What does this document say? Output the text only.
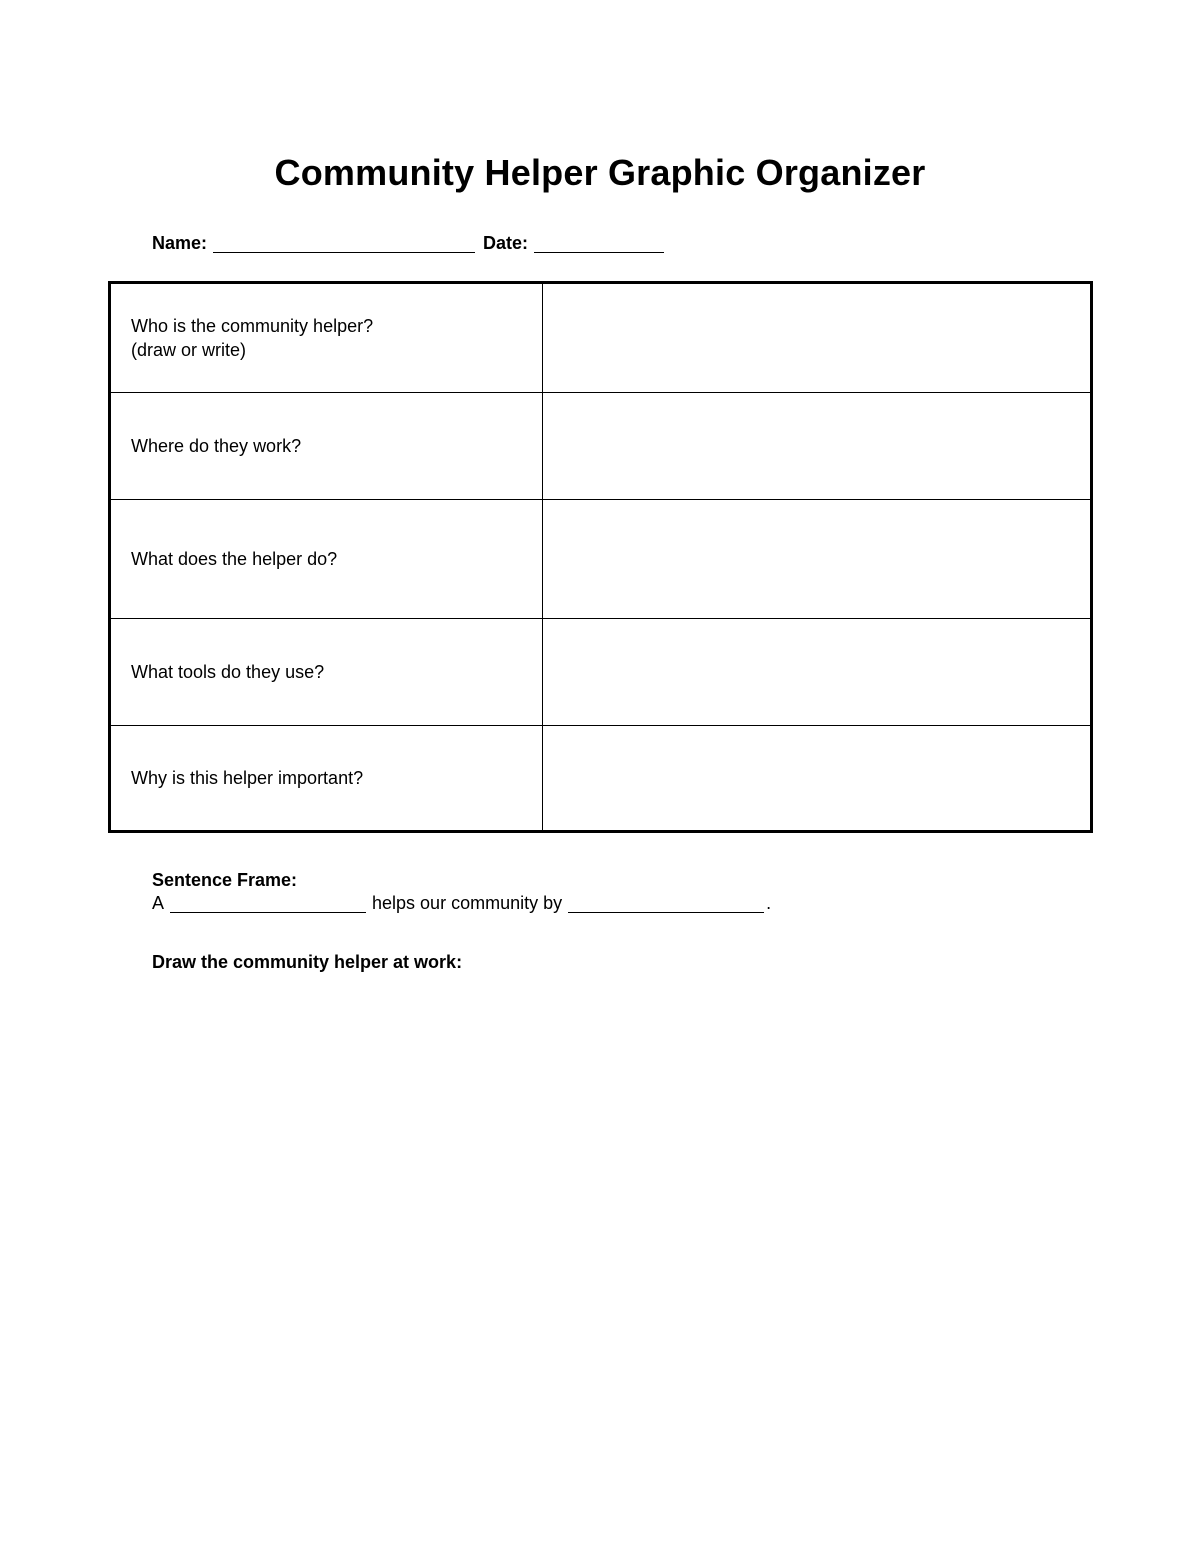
Community Helper Graphic Organizer
Name:	Date:
Who is the community helper?
(draw or write)
Where do they work?
What does the helper do?
What tools do they use?
Why is this helper important?
Sentence Frame:
A	helps our community by	.
Draw the community helper at work:
